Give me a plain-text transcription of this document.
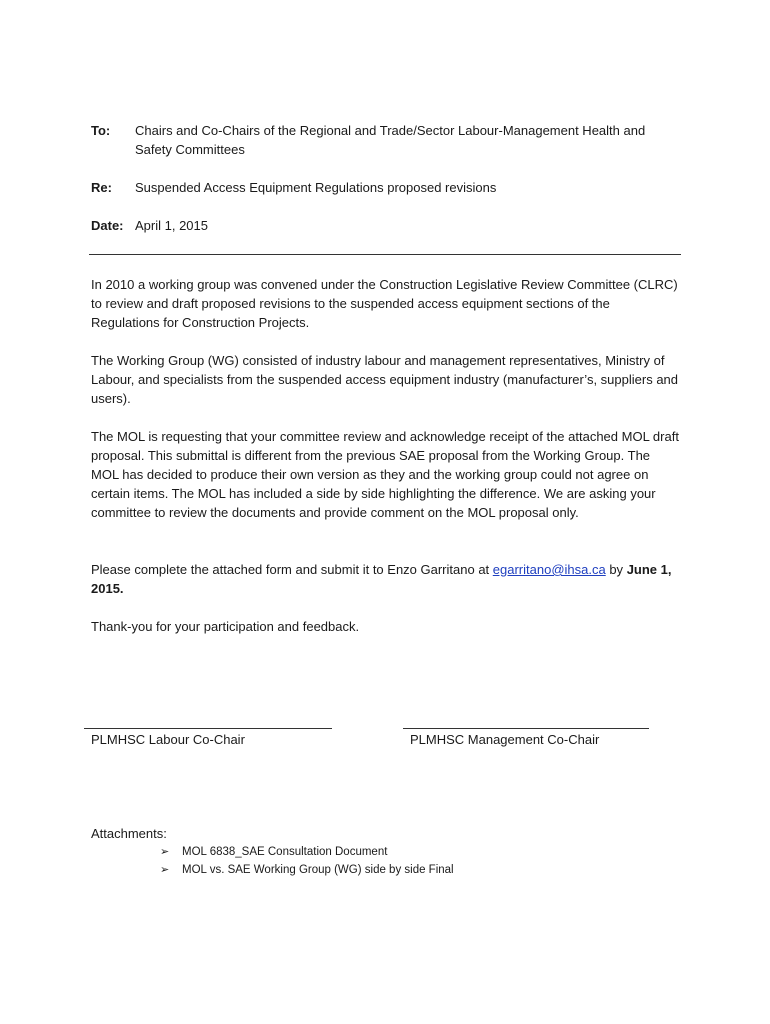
To: Chairs and Co-Chairs of the Regional and Trade/Sector Labour-Management Health and Safety Committees
Re: Suspended Access Equipment Regulations proposed revisions
Date: April 1, 2015

In 2010 a working group was convened under the Construction Legislative Review Committee (CLRC) to review and draft proposed revisions to the suspended access equipment sections of the Regulations for Construction Projects.

The Working Group (WG) consisted of industry labour and management representatives, Ministry of Labour, and specialists from the suspended access equipment industry (manufacturer’s, suppliers and users).

The MOL is requesting that your committee review and acknowledge receipt of the attached MOL draft proposal. This submittal is different from the previous SAE proposal from the Working Group. The MOL has decided to produce their own version as they and the working group could not agree on certain items. The MOL has included a side by side highlighting the difference. We are asking your committee to review the documents and provide comment on the MOL proposal only.

Please complete the attached form and submit it to Enzo Garritano at egarritano@ihsa.ca by June 1, 2015.

Thank-you for your participation and feedback.

PLMHSC Labour Co-Chair	PLMHSC Management Co-Chair
Attachments:
➢	MOL 6838_SAE Consultation Document
➢	MOL vs. SAE Working Group (WG) side by side Final
